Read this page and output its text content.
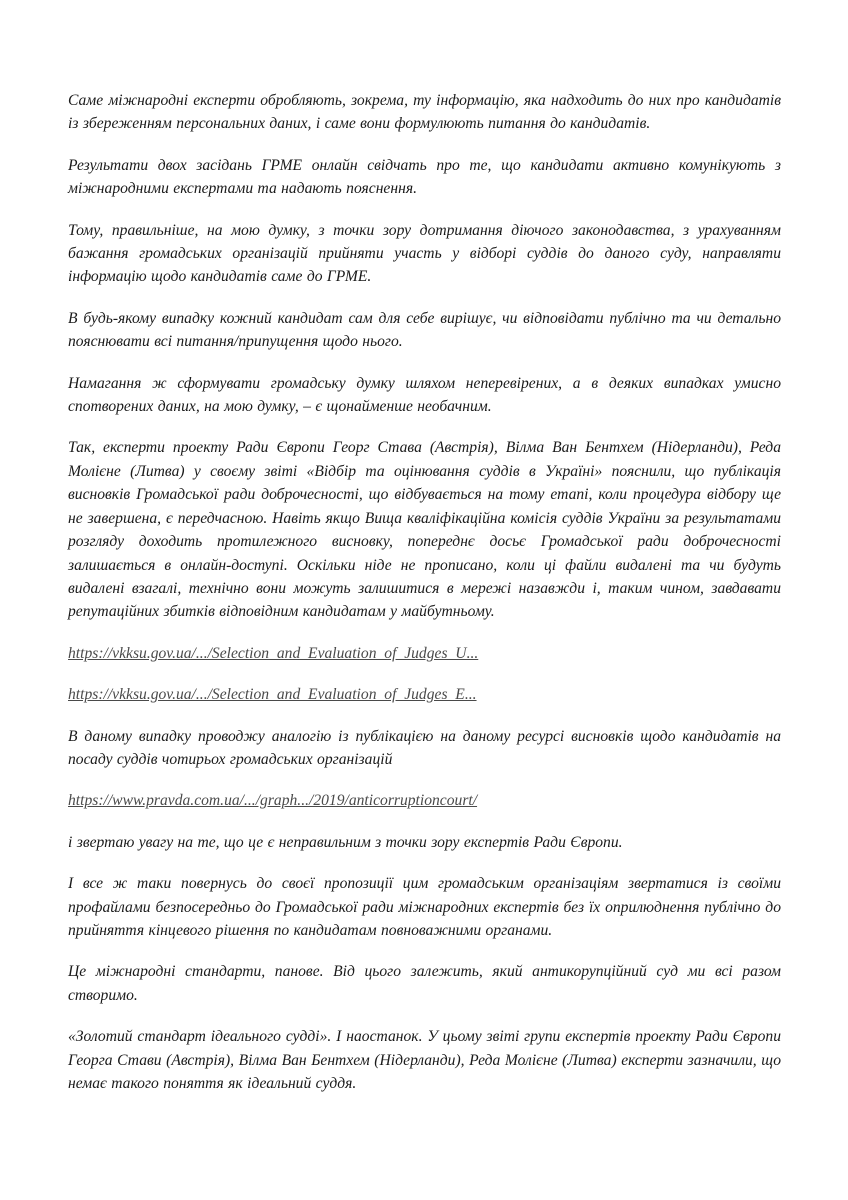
Саме міжнародні експерти обробляють, зокрема, ту інформацію, яка надходить до них про кандидатів із збереженням персональних даних, і саме вони формулюють питання до кандидатів.

Результати двох засідань ГРМЕ онлайн свідчать про те, що кандидати активно комунікують з міжнародними експертами та надають пояснення.

Тому, правильніше, на мою думку, з точки зору дотримання діючого законодавства, з урахуванням бажання громадських організацій прийняти участь у відборі суддів до даного суду, направляти інформацію щодо кандидатів саме до ГРМЕ.

В будь-якому випадку кожний кандидат сам для себе вирішує, чи відповідати публічно та чи детально пояснювати всі питання/припущення щодо нього.

Намагання ж сформувати громадську думку шляхом неперевірених, а в деяких випадках умисно спотворених даних, на мою думку, – є щонайменше необачним.

Так, експерти проекту Ради Європи Георг Става (Австрія), Вілма Ван Бентхем (Нідерланди), Реда Молієне (Литва) у своєму звіті «Відбір та оцінювання суддів в Україні» пояснили, що публікація висновків Громадської ради доброчесності, що відбувається на тому етапі, коли процедура відбору ще не завершена, є передчасною. Навіть якщо Вища кваліфікаційна комісія суддів України за результатами розгляду доходить протилежного висновку, попереднє досьє Громадської ради доброчесності залишається в онлайн-доступі. Оскільки ніде не прописано, коли ці файли видалені та чи будуть видалені взагалі, технічно вони можуть залишитися в мережі назавжди і, таким чином, завдавати репутаційних збитків відповідним кандидатам у майбутньому.

https://vkksu.gov.ua/.../Selection_and_Evaluation_of_Judges_U...
https://vkksu.gov.ua/.../Selection_and_Evaluation_of_Judges_E...

В даному випадку проводжу аналогію із публікацією на даному ресурсі висновків щодо кандидатів на посаду суддів чотирьох громадських організацій

https://www.pravda.com.ua/.../graph.../2019/anticorruptioncourt/

і звертаю увагу на те, що це є неправильним з точки зору експертів Ради Європи.

І все ж таки повернусь до своєї пропозиції цим громадським організаціям звертатися із своїми профайлами безпосередньо до Громадської ради міжнародних експертів без їх оприлюднення публічно до прийняття кінцевого рішення по кандидатам повноважними органами.

Це міжнародні стандарти, панове. Від цього залежить, який антикорупційний суд ми всі разом створимо.

«Золотий стандарт ідеального судді». І наостанок. У цьому звіті групи експертів проекту Ради Європи Георга Стави (Австрія), Вілма Ван Бентхем (Нідерланди), Реда Молієне (Литва) експерти зазначили, що немає такого поняття як ідеальний суддя.
